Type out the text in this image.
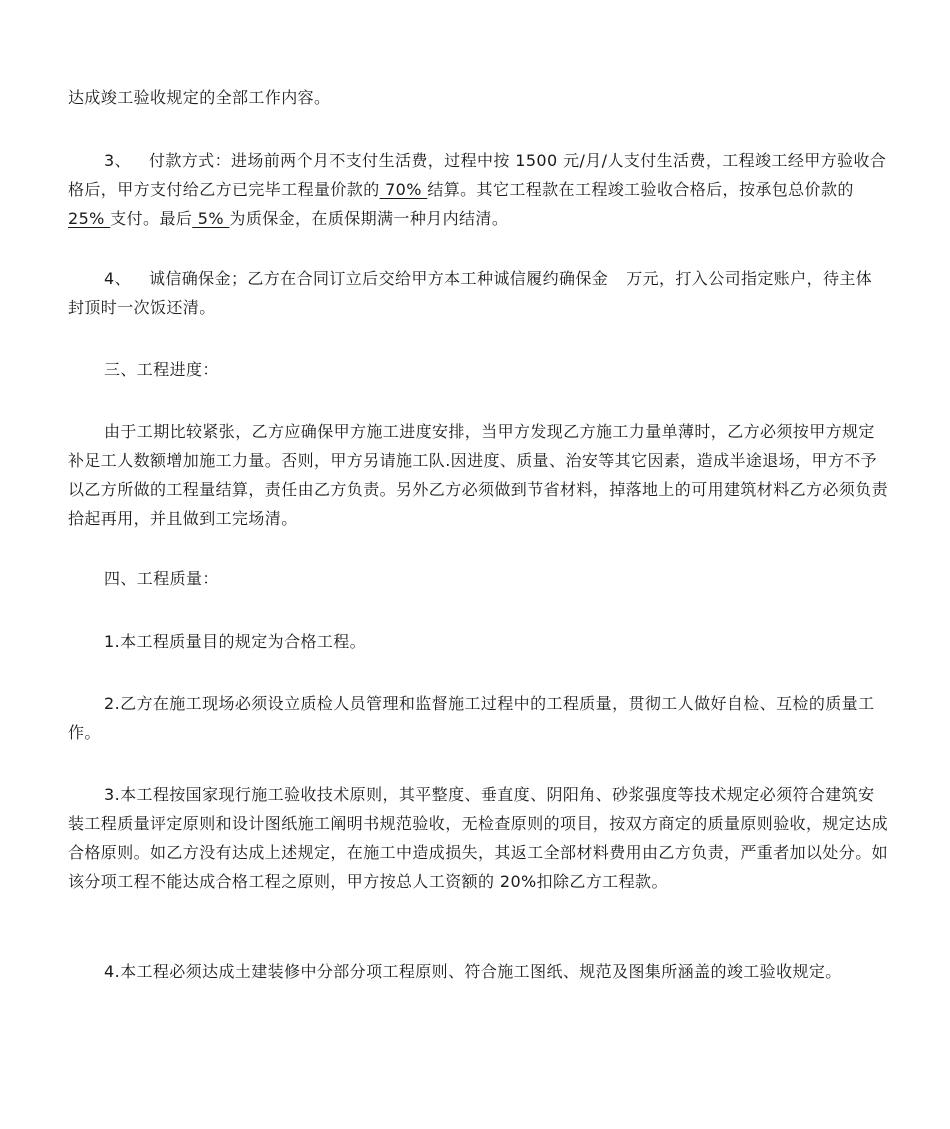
达成竣工验收规定的全部工作内容。
3、 付款方式：进场前两个月不支付生活费，过程中按 1500 元/月/人支付生活费，工程竣工经甲方验收合格后，甲方支付给乙方已完毕工程量价款的 70% 结算。其它工程款在工程竣工验收合格后，按承包总价款的 25% 支付。最后 5% 为质保金，在质保期满一种月内结清。
4、 诚信确保金；乙方在合同订立后交给甲方本工种诚信履约确保金 万元，打入公司指定账户，待主体封顶时一次饭还清。
三、工程进度：
由于工期比较紧张，乙方应确保甲方施工进度安排，当甲方发现乙方施工力量单薄时，乙方必须按甲方规定补足工人数额增加施工力量。否则，甲方另请施工队.因进度、质量、治安等其它因素，造成半途退场，甲方不予以乙方所做的工程量结算，责任由乙方负责。另外乙方必须做到节省材料，掉落地上的可用建筑材料乙方必须负责拾起再用，并且做到工完场清。
四、工程质量：
1.本工程质量目的规定为合格工程。
2.乙方在施工现场必须设立质检人员管理和监督施工过程中的工程质量，贯彻工人做好自检、互检的质量工作。
3.本工程按国家现行施工验收技术原则，其平整度、垂直度、阴阳角、砂浆强度等技术规定必须符合建筑安装工程质量评定原则和设计图纸施工阐明书规范验收，无检查原则的项目，按双方商定的质量原则验收，规定达成合格原则。如乙方没有达成上述规定，在施工中造成损失，其返工全部材料费用由乙方负责，严重者加以处分。如该分项工程不能达成合格工程之原则，甲方按总人工资额的 20%扣除乙方工程款。
4.本工程必须达成土建装修中分部分项工程原则、符合施工图纸、规范及图集所涵盖的竣工验收规定。
